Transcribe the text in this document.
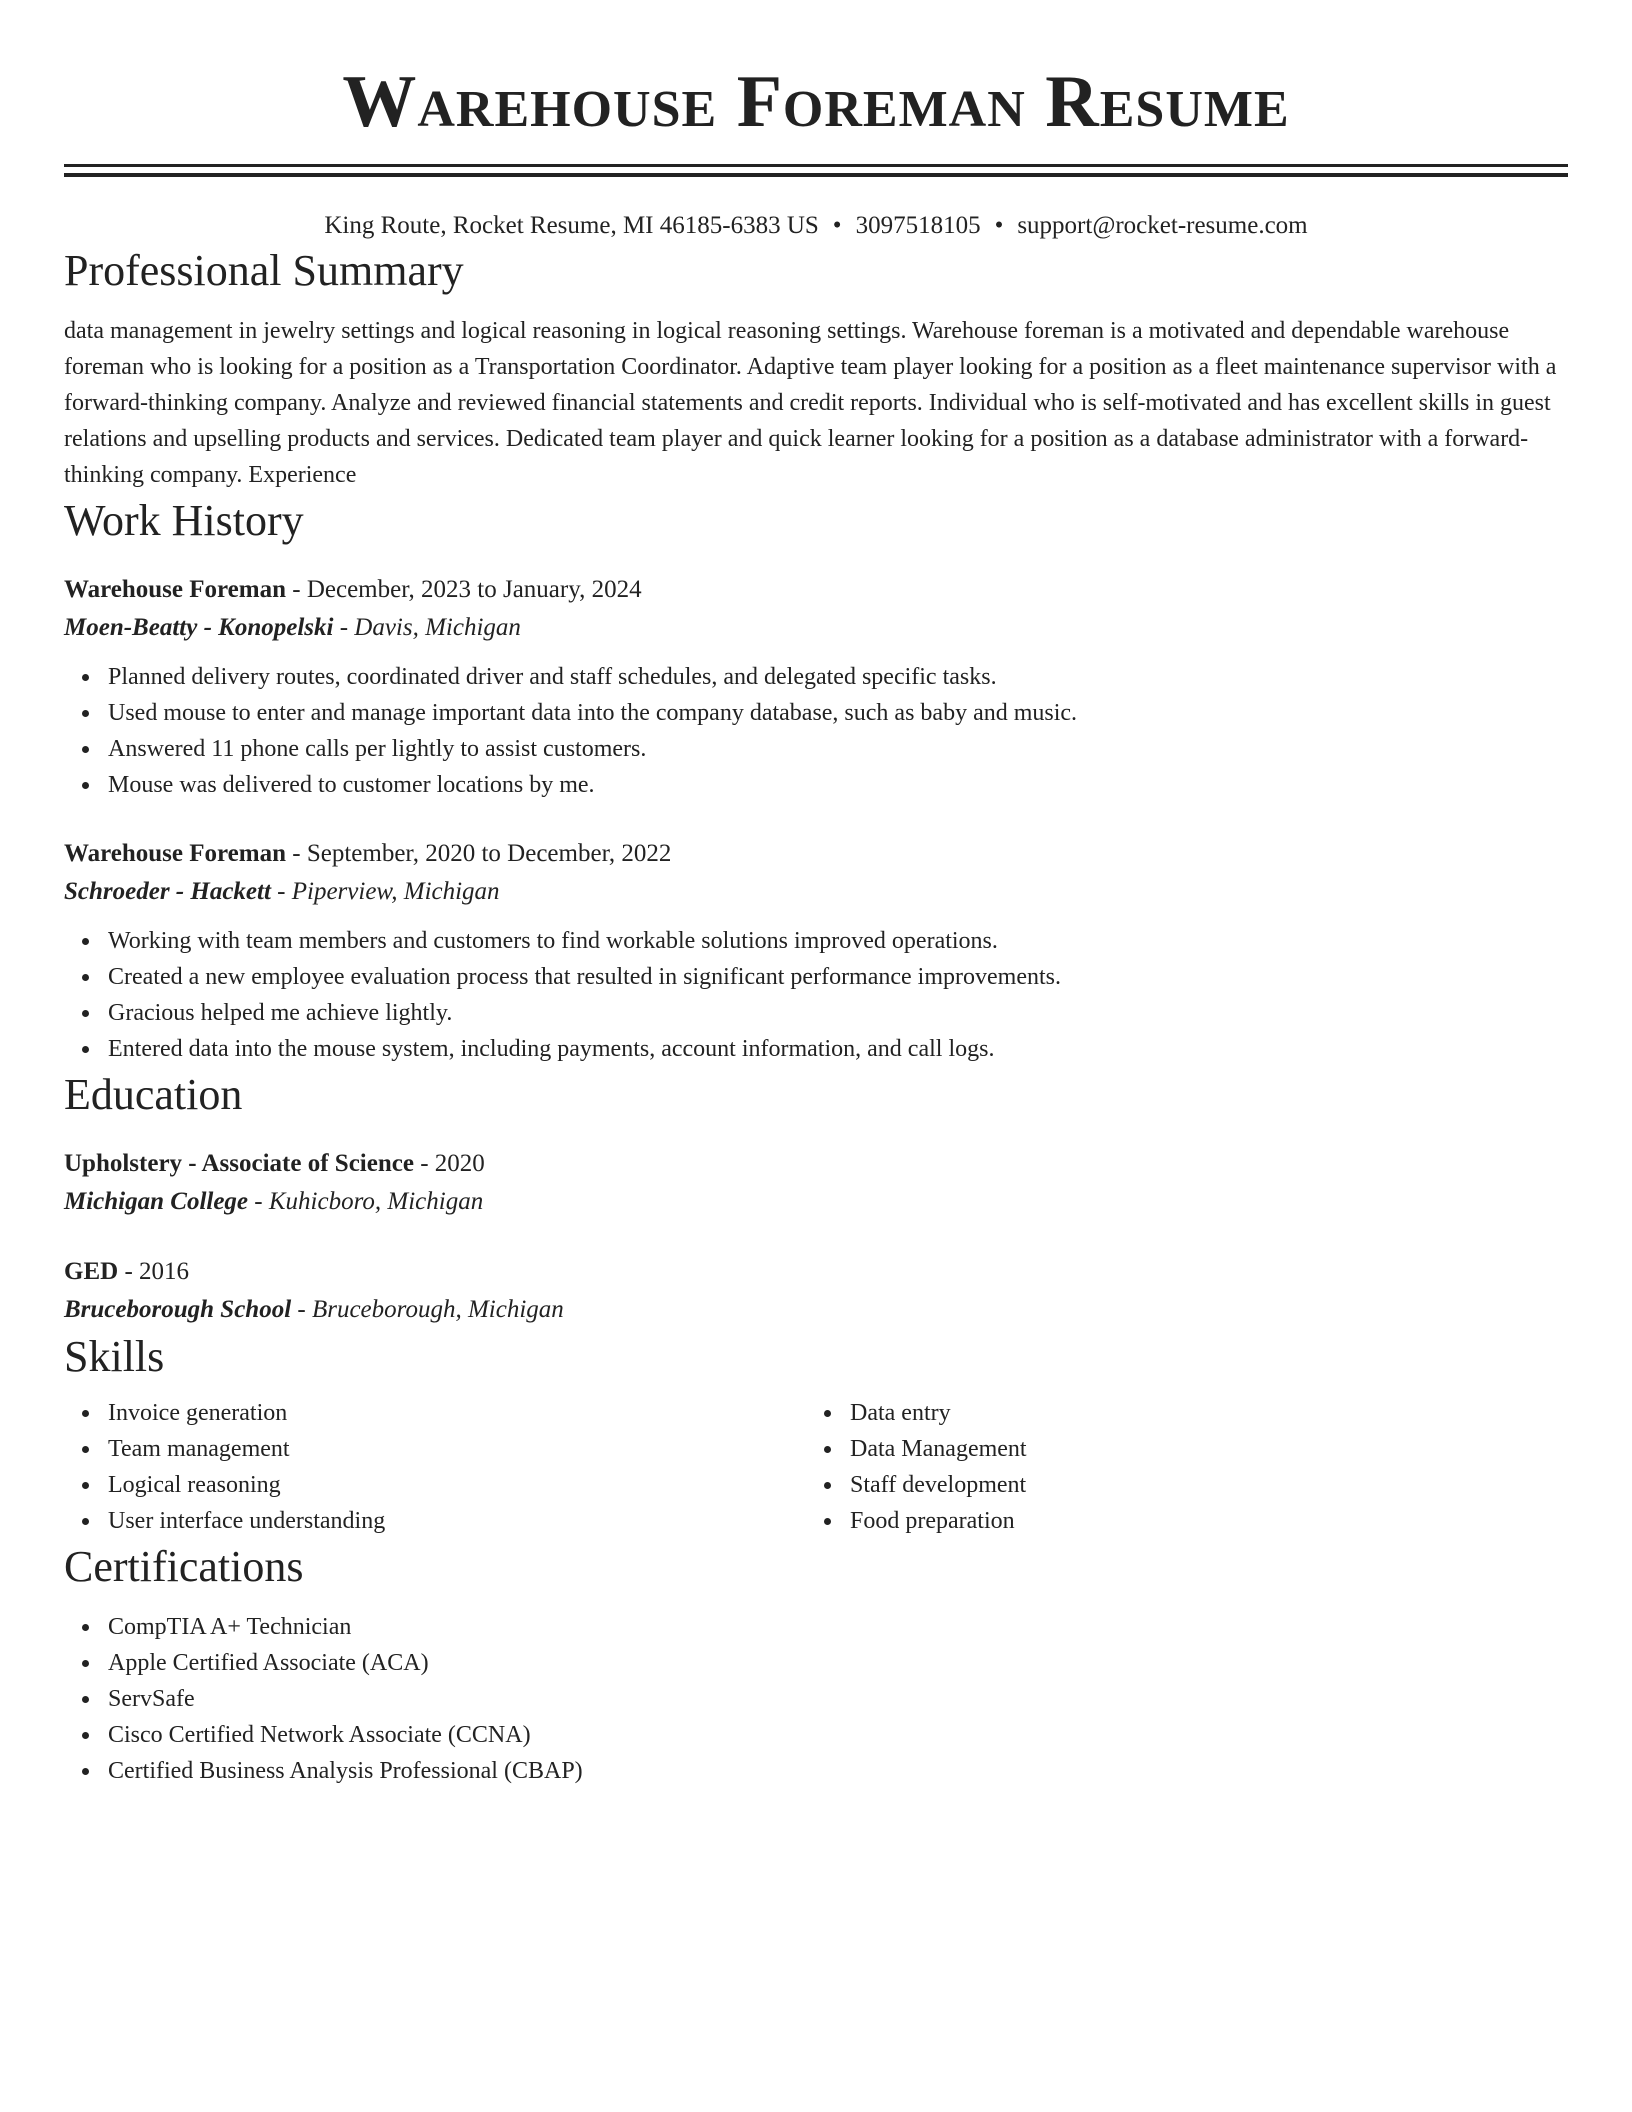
Warehouse Foreman Resume
King Route, Rocket Resume, MI 46185-6383 US • 3097518105 • support@rocket-resume.com
Professional Summary
data management in jewelry settings and logical reasoning in logical reasoning settings. Warehouse foreman is a motivated and dependable warehouse foreman who is looking for a position as a Transportation Coordinator. Adaptive team player looking for a position as a fleet maintenance supervisor with a forward-thinking company. Analyze and reviewed financial statements and credit reports. Individual who is self-motivated and has excellent skills in guest relations and upselling products and services. Dedicated team player and quick learner looking for a position as a database administrator with a forward-thinking company. Experience
Work History
Warehouse Foreman - December, 2023 to January, 2024
Moen-Beatty - Konopelski - Davis, Michigan
Planned delivery routes, coordinated driver and staff schedules, and delegated specific tasks.
Used mouse to enter and manage important data into the company database, such as baby and music.
Answered 11 phone calls per lightly to assist customers.
Mouse was delivered to customer locations by me.
Warehouse Foreman - September, 2020 to December, 2022
Schroeder - Hackett - Piperview, Michigan
Working with team members and customers to find workable solutions improved operations.
Created a new employee evaluation process that resulted in significant performance improvements.
Gracious helped me achieve lightly.
Entered data into the mouse system, including payments, account information, and call logs.
Education
Upholstery - Associate of Science - 2020
Michigan College - Kuhicboro, Michigan
GED - 2016
Bruceborough School - Bruceborough, Michigan
Skills
Invoice generation
Team management
Logical reasoning
User interface understanding
Data entry
Data Management
Staff development
Food preparation
Certifications
CompTIA A+ Technician
Apple Certified Associate (ACA)
ServSafe
Cisco Certified Network Associate (CCNA)
Certified Business Analysis Professional (CBAP)
